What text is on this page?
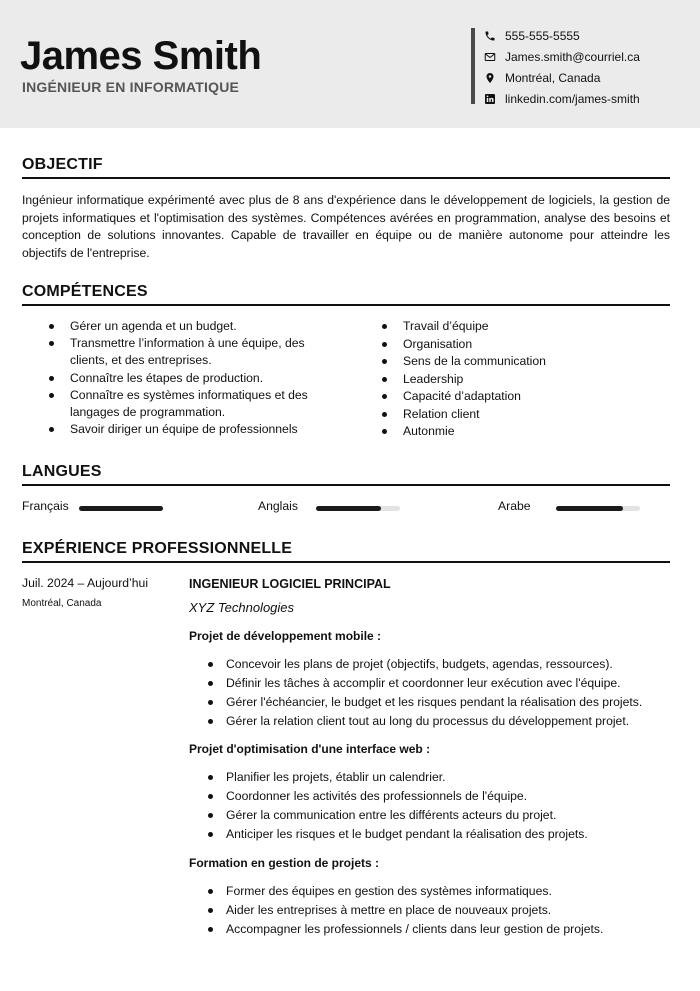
James Smith
INGÉNIEUR EN INFORMATIQUE
555-555-5555
James.smith@courriel.ca
Montréal, Canada
linkedin.com/james-smith
OBJECTIF
Ingénieur informatique expérimenté avec plus de 8 ans d'expérience dans le développement de logiciels, la gestion de projets informatiques et l'optimisation des systèmes. Compétences avérées en programmation, analyse des besoins et conception de solutions innovantes. Capable de travailler en équipe ou de manière autonome pour atteindre les objectifs de l'entreprise.
COMPÉTENCES
Gérer un agenda et un budget.
Transmettre l’information à une équipe, des clients, et des entreprises.
Connaître les étapes de production.
Connaître es systèmes informatiques et des langages de programmation.
Savoir diriger un équipe de professionnels
Travail d’équipe
Organisation
Sens de la communication
Leadership
Capacité d’adaptation
Relation client
Autonmie
LANGUES
Français	Anglais	Arabe
EXPÉRIENCE PROFESSIONNELLE
Juil. 2024 – Aujourd’hui
Montréal, Canada
INGENIEUR LOGICIEL PRINCIPAL
XYZ Technologies
Projet de développement mobile :
Concevoir les plans de projet (objectifs, budgets, agendas, ressources).
Définir les tâches à accomplir et coordonner leur exécution avec l'équipe.
Gérer l'échéancier, le budget et les risques pendant la réalisation des projets.
Gérer la relation client tout au long du processus du développement projet.
Projet d'optimisation d'une interface web :
Planifier les projets, établir un calendrier.
Coordonner les activités des professionnels de l'équipe.
Gérer la communication entre les différents acteurs du projet.
Anticiper les risques et le budget pendant la réalisation des projets.
Formation en gestion de projets :
Former des équipes en gestion des systèmes informatiques.
Aider les entreprises à mettre en place de nouveaux projets.
Accompagner les professionnels / clients dans leur gestion de projets.
